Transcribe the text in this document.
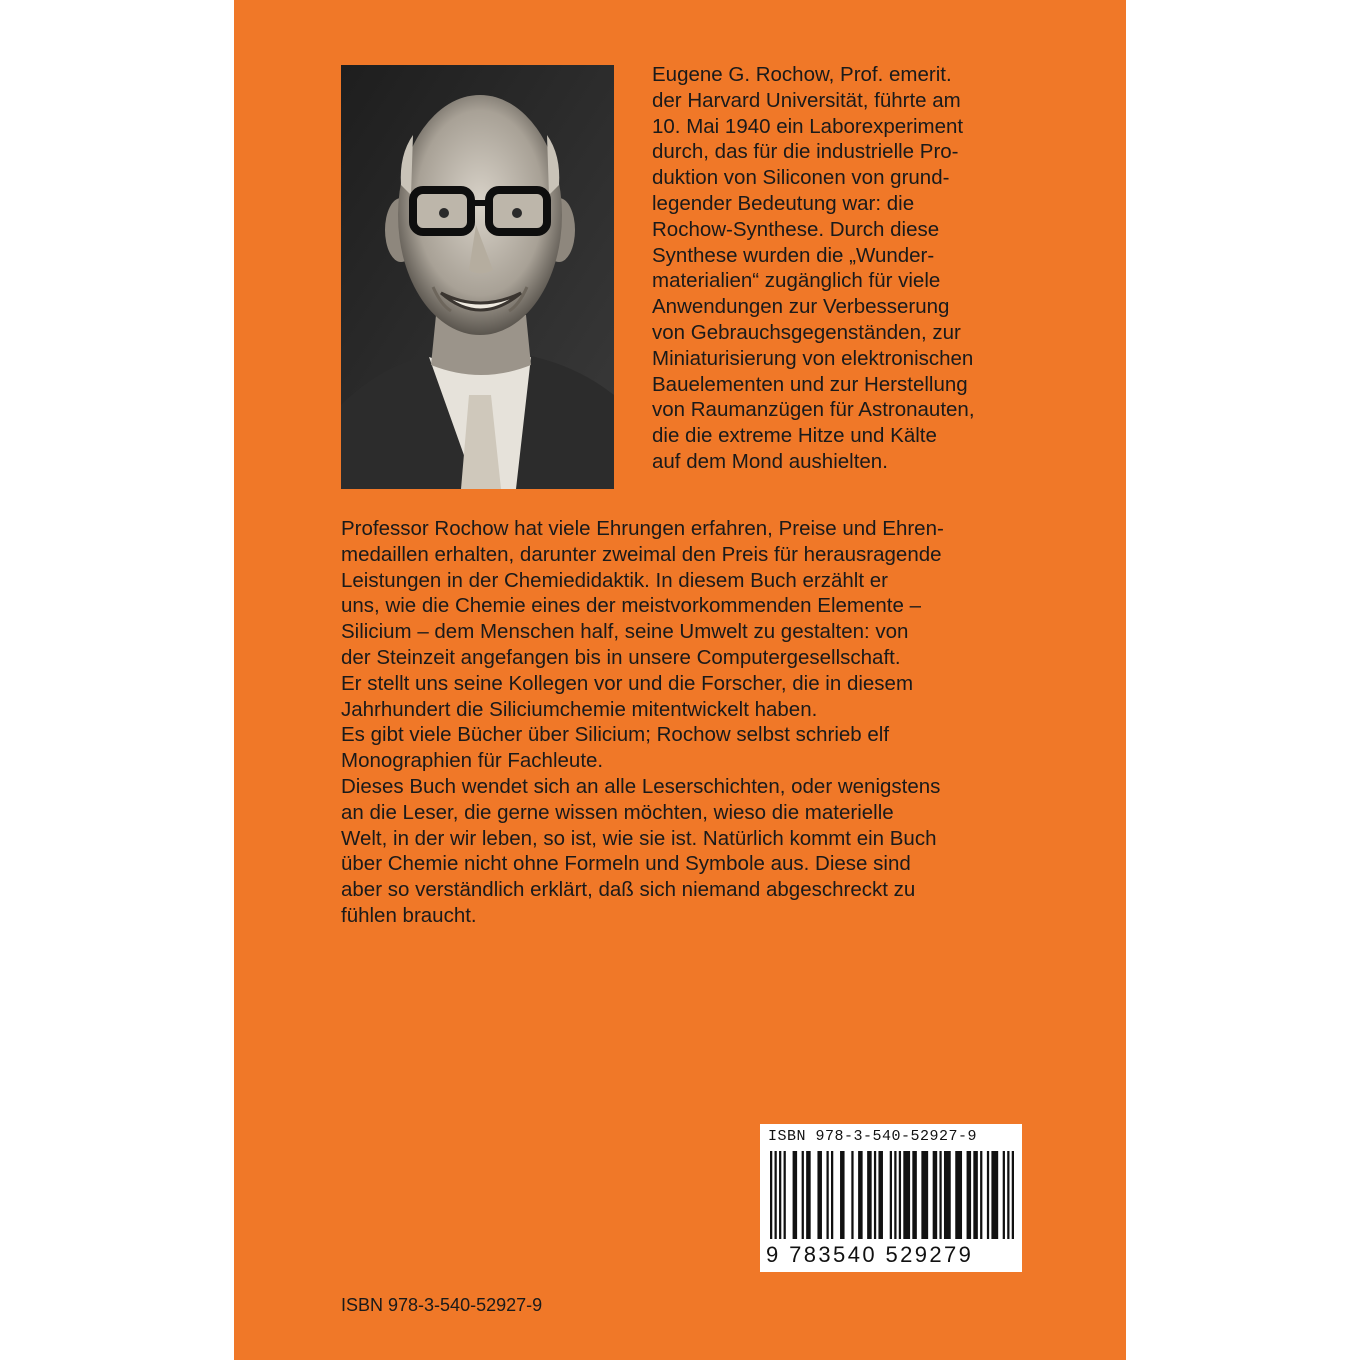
Eugene G. Rochow, Prof. emerit.
der Harvard Universität, führte am
10. Mai 1940 ein Laborexperiment
durch, das für die industrielle Pro-
duktion von Siliconen von grund-
legender Bedeutung war: die
Rochow-Synthese. Durch diese
Synthese wurden die „Wunder-
materialien“ zugänglich für viele
Anwendungen zur Verbesserung
von Gebrauchsgegenständen, zur
Miniaturisierung von elektronischen
Bauelementen und zur Herstellung
von Raumanzügen für Astronauten,
die die extreme Hitze und Kälte
auf dem Mond aushielten.
Professor Rochow hat viele Ehrungen erfahren, Preise und Ehren-
medaillen erhalten, darunter zweimal den Preis für herausragende
Leistungen in der Chemiedidaktik. In diesem Buch erzählt er
uns, wie die Chemie eines der meistvorkommenden Elemente –
Silicium – dem Menschen half, seine Umwelt zu gestalten: von
der Steinzeit angefangen bis in unsere Computergesellschaft.
Er stellt uns seine Kollegen vor und die Forscher, die in diesem
Jahrhundert die Siliciumchemie mitentwickelt haben.
Es gibt viele Bücher über Silicium; Rochow selbst schrieb elf
Monographien für Fachleute.
Dieses Buch wendet sich an alle Leserschichten, oder wenigstens
an die Leser, die gerne wissen möchten, wieso die materielle
Welt, in der wir leben, so ist, wie sie ist. Natürlich kommt ein Buch
über Chemie nicht ohne Formeln und Symbole aus. Diese sind
aber so verständlich erklärt, daß sich niemand abgeschreckt zu
fühlen braucht.
ISBN 978-3-540-52927-9
9 783540 529279
ISBN 978-3-540-52927-9
